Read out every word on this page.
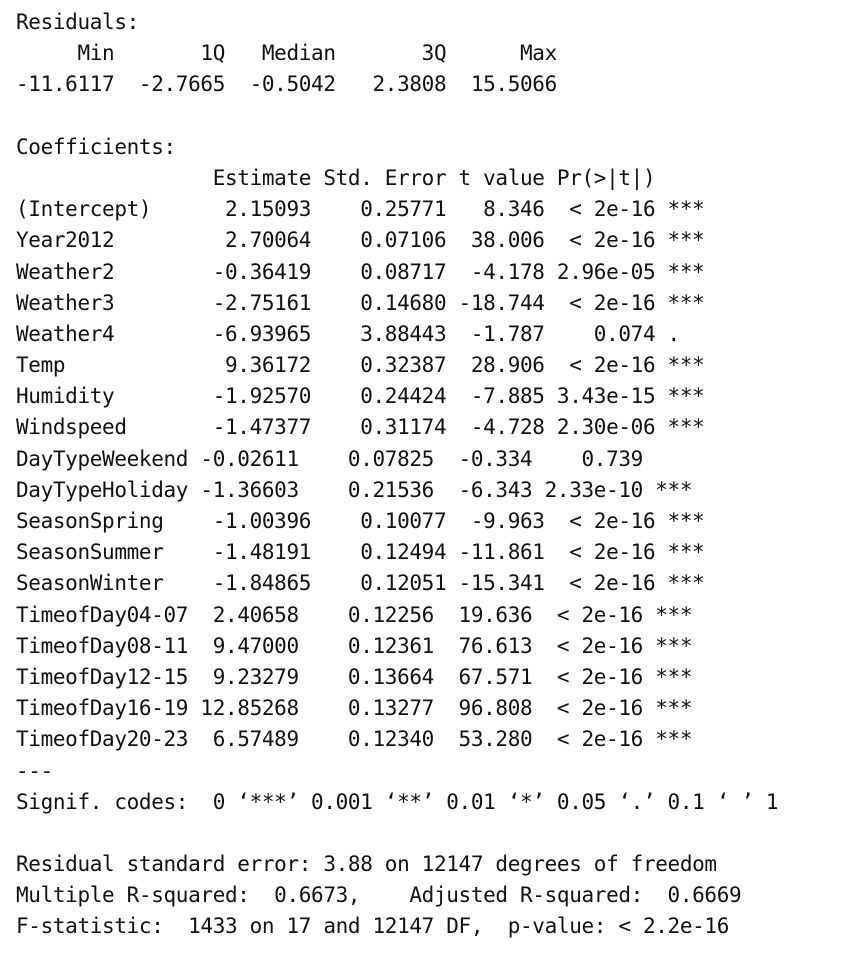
Residuals:
Min       1Q   Median       3Q      Max
-11.6117  -2.7665  -0.5042   2.3808  15.5066
Coefficients:
Estimate Std. Error t value Pr(>|t|)
(Intercept)      2.15093    0.25771   8.346  < 2e-16 ***
Year2012         2.70064    0.07106  38.006  < 2e-16 ***
Weather2        -0.36419    0.08717  -4.178 2.96e-05 ***
Weather3        -2.75161    0.14680 -18.744  < 2e-16 ***
Weather4        -6.93965    3.88443  -1.787    0.074 .
Temp             9.36172    0.32387  28.906  < 2e-16 ***
Humidity        -1.92570    0.24424  -7.885 3.43e-15 ***
Windspeed       -1.47377    0.31174  -4.728 2.30e-06 ***
DayTypeWeekend -0.02611    0.07825  -0.334    0.739
DayTypeHoliday -1.36603    0.21536  -6.343 2.33e-10 ***
SeasonSpring    -1.00396    0.10077  -9.963  < 2e-16 ***
SeasonSummer    -1.48191    0.12494 -11.861  < 2e-16 ***
SeasonWinter    -1.84865    0.12051 -15.341  < 2e-16 ***
TimeofDay04-07  2.40658    0.12256  19.636  < 2e-16 ***
TimeofDay08-11  9.47000    0.12361  76.613  < 2e-16 ***
TimeofDay12-15  9.23279    0.13664  67.571  < 2e-16 ***
TimeofDay16-19 12.85268    0.13277  96.808  < 2e-16 ***
TimeofDay20-23  6.57489    0.12340  53.280  < 2e-16 ***
---
Signif. codes:  0 ‘***’ 0.001 ‘**’ 0.01 ‘*’ 0.05 ‘.’ 0.1 ‘ ’ 1
Residual standard error: 3.88 on 12147 degrees of freedom
Multiple R-squared:  0.6673,    Adjusted R-squared:  0.6669
F-statistic:  1433 on 17 and 12147 DF,  p-value: < 2.2e-16
